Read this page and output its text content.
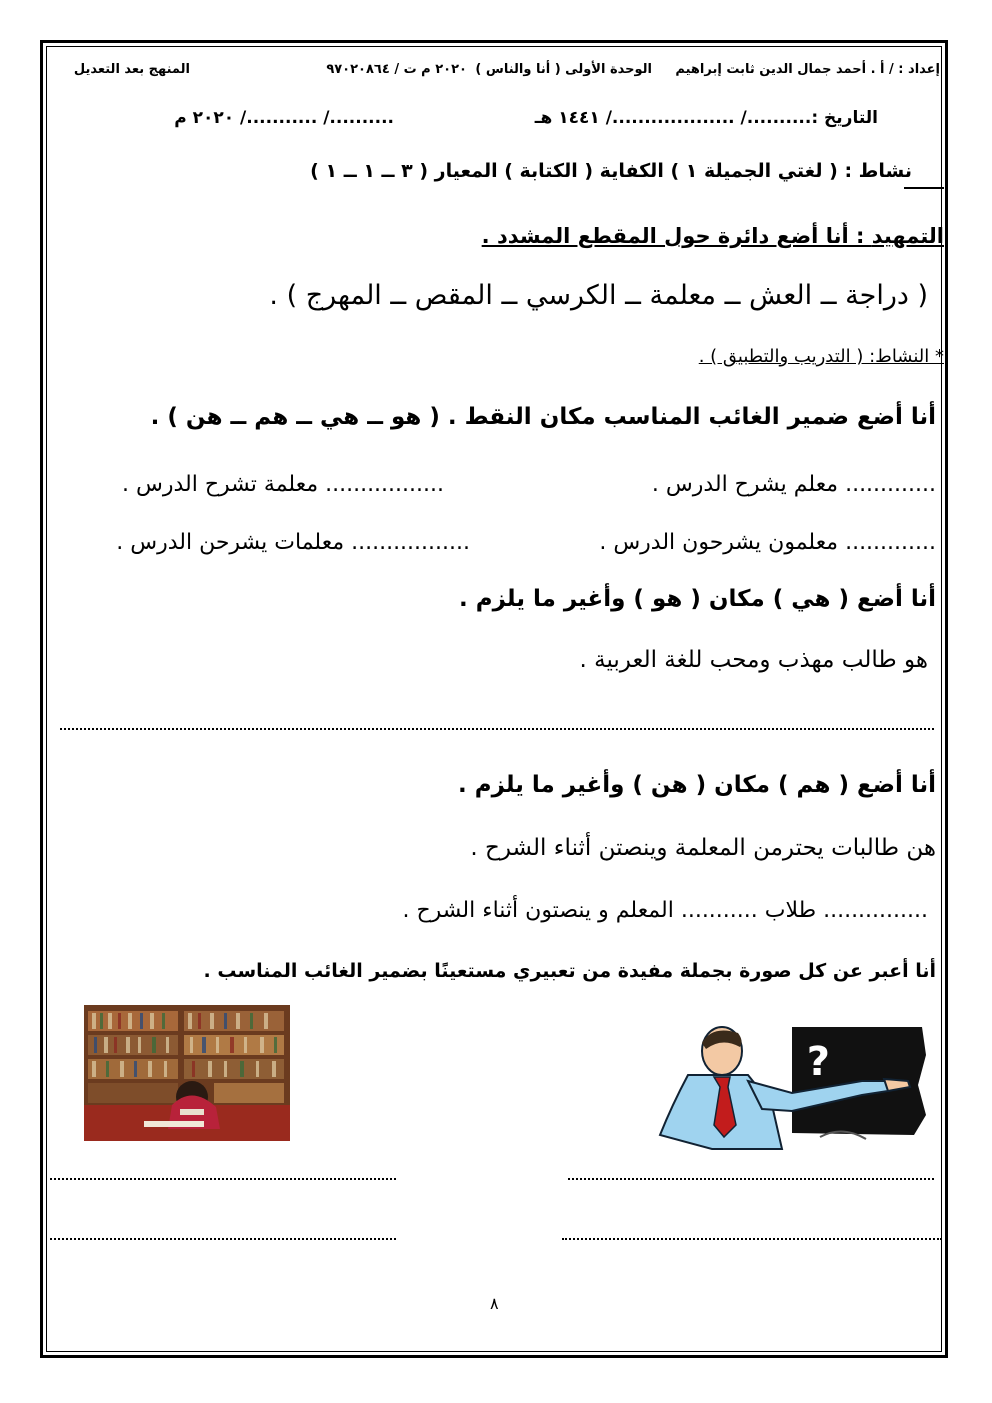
إعداد : / أ . أحمد جمال الدين ثابت إبراهيم
الوحدة الأولى ( أنا والناس )
٢٠٢٠ م ت / ٩٧٠٢٠٨٦٤
المنهج بعد التعديل
التاريخ :........../ .................../ ١٤٤١ هـ
........../ .........../ ٢٠٢٠ م
نشاط : ( لغتي الجميلة ١ ) الكفاية ( الكتابة ) المعيار ( ٣ ــ ١ ــ ١ )
التمهيد : أنا أضع دائرة حول المقطع المشدد .
( دراجة ــ العش ــ معلمة ــ الكرسي ــ المقص ــ المهرج ) .
* النشاط: ( التدريب والتطبيق ) .
أنا أضع ضمير الغائب المناسب مكان النقط . ( هو ــ هي ــ هم ــ هن ) .
............. معلم يشرح الدرس .
................. معلمة تشرح الدرس .
............. معلمون يشرحون الدرس .
................. معلمات يشرحن الدرس .
أنا أضع ( هي ) مكان ( هو ) وأغير ما يلزم .
هو طالب مهذب ومحب للغة العربية .
أنا أضع ( هم ) مكان ( هن ) وأغير ما يلزم .
هن طالبات يحترمن المعلمة وينصتن أثناء الشرح .
............... طلاب ........... المعلم و ينصتون أثناء الشرح .
أنا أعبر عن كل صورة بجملة مفيدة من تعبيري مستعينًا بضمير الغائب المناسب .
?
٨
